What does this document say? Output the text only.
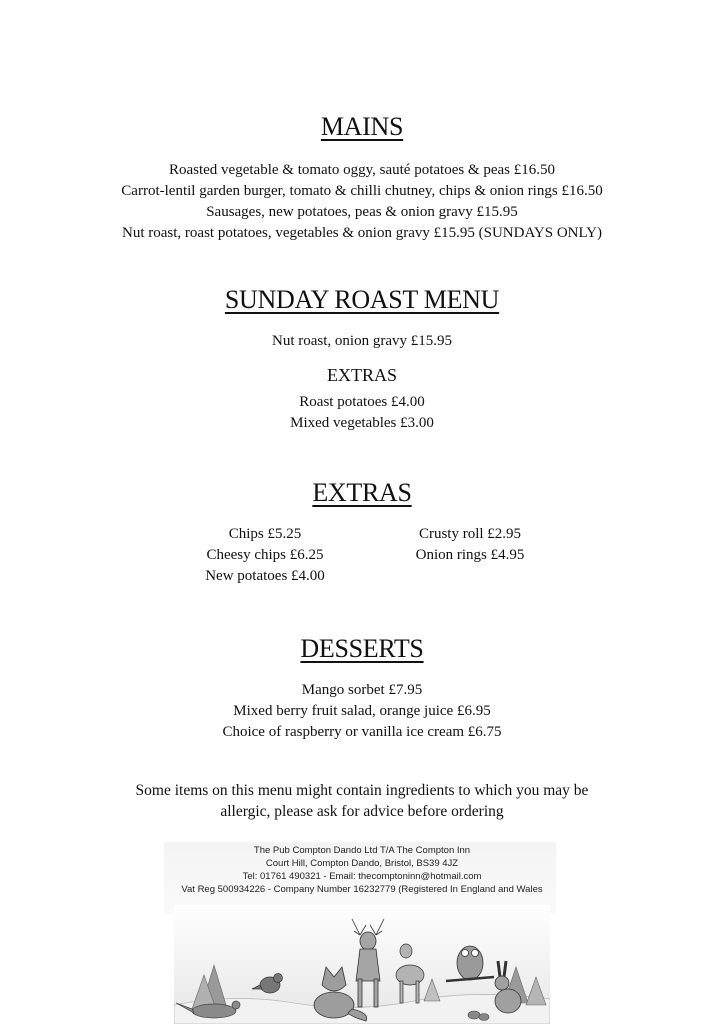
MAINS
Roasted vegetable & tomato oggy, sauté potatoes & peas £16.50
Carrot-lentil garden burger, tomato & chilli chutney, chips & onion rings £16.50
Sausages, new potatoes, peas & onion gravy £15.95
Nut roast, roast potatoes, vegetables & onion gravy £15.95 (SUNDAYS ONLY)
SUNDAY ROAST MENU
Nut roast, onion gravy £15.95
EXTRAS
Roast potatoes £4.00
Mixed vegetables £3.00
EXTRAS
Chips £5.25
Cheesy chips £6.25
New potatoes £4.00
Crusty roll £2.95
Onion rings £4.95
DESSERTS
Mango sorbet £7.95
Mixed berry fruit salad, orange juice £6.95
Choice of raspberry or vanilla ice cream £6.75
Some items on this menu might contain ingredients to which you may be
allergic, please ask for advice before ordering
The Pub Compton Dando Ltd T/A The Compton Inn
Court Hill, Compton Dando, Bristol, BS39 4JZ
Tel: 01761 490321 - Email: thecomptoninn@hotmail.com
Vat Reg 500934226 - Company Number 16232779 (Registered In England and Wales
